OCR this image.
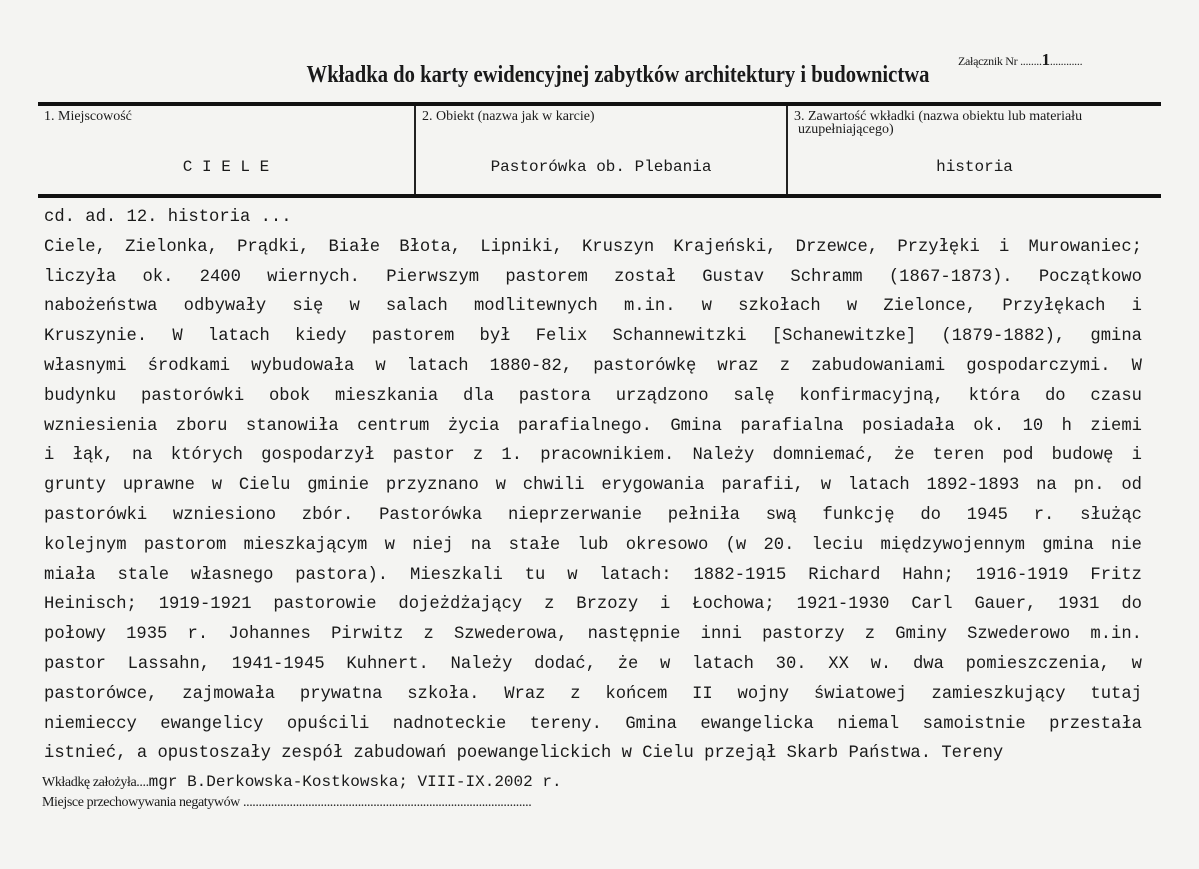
Załącznik Nr ........1............
Wkładka do karty ewidencyjnej zabytków architektury i budownictwa
1. Miejscowość
C I E L E
2. Obiekt (nazwa jak w karcie)
Pastorówka ob. Plebania
3. Zawartość wkładki (nazwa obiektu lub materiału
uzupełniającego)
historia
cd. ad. 12. historia ...
Ciele, Zielonka, Prądki, Białe Błota, Lipniki, Kruszyn Krajeński, Drzewce, Przyłęki i Murowaniec;
liczyła ok. 2400 wiernych. Pierwszym pastorem został Gustav Schramm (1867-1873). Początkowo
nabożeństwa odbywały się w salach modlitewnych m.in. w szkołach w Zielonce, Przyłękach i
Kruszynie. W latach kiedy pastorem był Felix Schannewitzki [Schanewitzke] (1879-1882), gmina
własnymi środkami wybudowała w latach 1880-82, pastorówkę wraz z zabudowaniami gospodarczymi. W
budynku pastorówki obok mieszkania dla pastora urządzono salę konfirmacyjną, która do czasu
wzniesienia zboru stanowiła centrum życia parafialnego. Gmina parafialna posiadała ok. 10 h ziemi
i łąk, na których gospodarzył pastor z 1. pracownikiem. Należy domniemać, że teren pod budowę i
grunty uprawne w Cielu gminie przyznano w chwili erygowania parafii, w latach 1892-1893 na pn. od
pastorówki wzniesiono zbór. Pastorówka nieprzerwanie pełniła swą funkcję do 1945 r. służąc
kolejnym pastorom mieszkającym w niej na stałe lub okresowo (w 20. leciu międzywojennym gmina nie
miała stale własnego pastora). Mieszkali tu w latach: 1882-1915 Richard Hahn; 1916-1919 Fritz
Heinisch; 1919-1921 pastorowie dojeżdżający z Brzozy i Łochowa; 1921-1930 Carl Gauer, 1931 do
połowy 1935 r. Johannes Pirwitz z Szwederowa, następnie inni pastorzy z Gminy Szwederowo m.in.
pastor Lassahn, 1941-1945 Kuhnert. Należy dodać, że w latach 30. XX w. dwa pomieszczenia, w
pastorówce, zajmowała prywatna szkoła. Wraz z końcem II wojny światowej zamieszkujący tutaj
niemieccy ewangelicy opuścili nadnoteckie tereny. Gmina ewangelicka niemal samoistnie przestała
istnieć, a opustoszały zespół zabudowań poewangelickich w Cielu przejął Skarb Państwa. Tereny
Wkładkę założyła....mgr B.Derkowska-Kostkowska; VIII-IX.2002 r.
Miejsce przechowywania negatywów .............................................................................................
